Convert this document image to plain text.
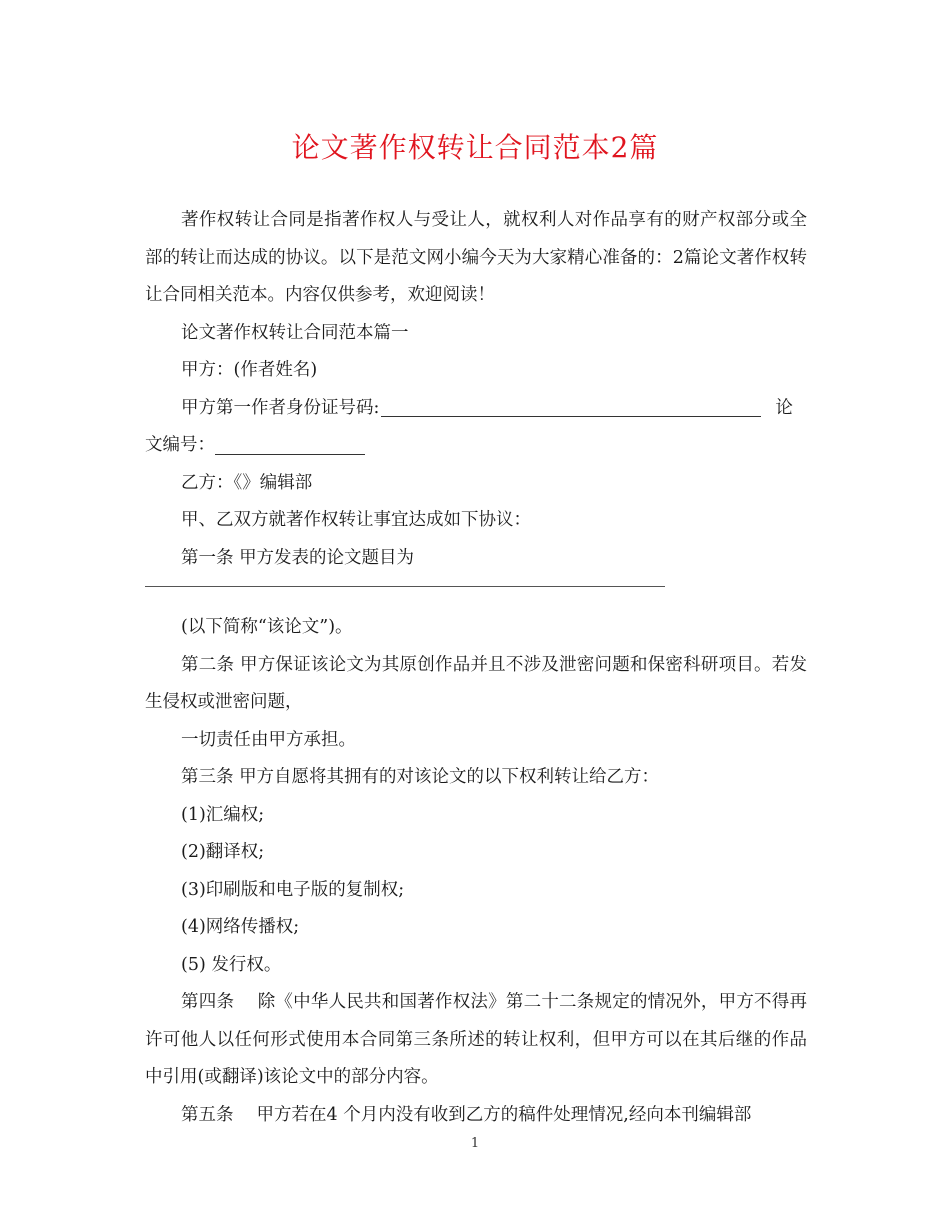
论文著作权转让合同范本2篇

著作权转让合同是指著作权人与受让人，就权利人对作品享有的财产权部分或全部的转让而达成的协议。以下是范文网小编今天为大家精心准备的：2篇论文著作权转让合同相关范本。内容仅供参考，欢迎阅读！

论文著作权转让合同范本篇一

甲方：(作者姓名)

甲方第一作者身份证号码:	论
文编号：

乙方：《》编辑部

甲、乙双方就著作权转让事宜达成如下协议：

第一条 甲方发表的论文题目为

(以下简称“该论文”)。

第二条 甲方保证该论文为其原创作品并且不涉及泄密问题和保密科研项目。若发生侵权或泄密问题，

一切责任由甲方承担。

第三条 甲方自愿将其拥有的对该论文的以下权利转让给乙方：

(1)汇编权;

(2)翻译权;

(3)印刷版和电子版的复制权;

(4)网络传播权;

(5) 发行权。

第四条　 除《中华人民共和国著作权法》第二十二条规定的情况外，甲方不得再许可他人以任何形式使用本合同第三条所述的转让权利，但甲方可以在其后继的作品中引用(或翻译)该论文中的部分内容。

第五条　 甲方若在4 个月内没有收到乙方的稿件处理情况,经向本刊编辑部

1
